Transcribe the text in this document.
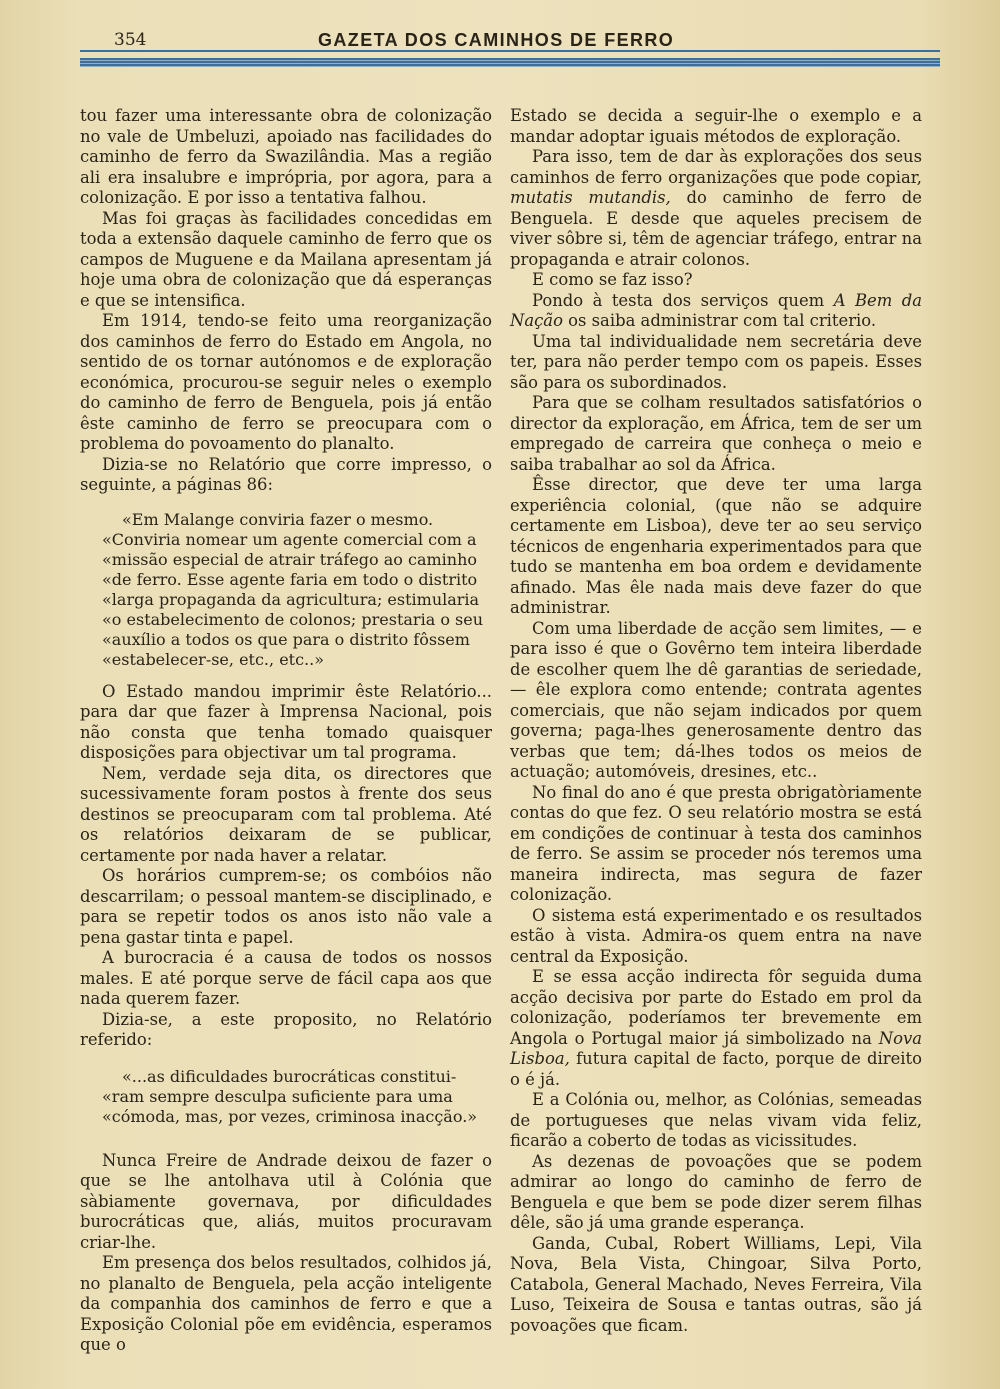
354	GAZETA DOS CAMINHOS DE FERRO

tou fazer uma interessante obra de colonização no vale de Umbeluzi, apoiado nas facilidades do caminho de ferro da Swazilândia. Mas a região ali era insalubre e imprópria, por agora, para a colonização. E por isso a tentativa falhou.

Mas foi graças às facilidades concedidas em toda a extensão daquele caminho de ferro que os campos de Muguene e da Mailana apresentam já hoje uma obra de colonização que dá esperanças e que se intensifica.

Em 1914, tendo-se feito uma reorganização dos caminhos de ferro do Estado em Angola, no sentido de os tornar autónomos e de exploração económica, procurou-se seguir neles o exemplo do caminho de ferro de Benguela, pois já então êste caminho de ferro se preocupara com o problema do povoamento do planalto.

Dizia-se no Relatório que corre impresso, o seguinte, a páginas 86:

«Em Malange conviria fazer o mesmo.
«Conviria nomear um agente comercial com a
«missão especial de atrair tráfego ao caminho
«de ferro. Esse agente faria em todo o distrito
«larga propaganda da agricultura; estimularia
«o estabelecimento de colonos; prestaria o seu
«auxílio a todos os que para o distrito fôssem
«estabelecer-se, etc., etc..»

O Estado mandou imprimir êste Relatório... para dar que fazer à Imprensa Nacional, pois não consta que tenha tomado quaisquer disposições para objectivar um tal programa.

Nem, verdade seja dita, os directores que sucessivamente foram postos à frente dos seus destinos se preocuparam com tal problema. Até os relatórios deixaram de se publicar, certamente por nada haver a relatar.

Os horários cumprem-se; os combóios não descarrilam; o pessoal mantem-se disciplinado, e para se repetir todos os anos isto não vale a pena gastar tinta e papel.

A burocracia é a causa de todos os nossos males. E até porque serve de fácil capa aos que nada querem fazer.

Dizia-se, a este proposito, no Relatório referido:

«...as dificuldades burocráticas constitui-
«ram sempre desculpa suficiente para uma
«cómoda, mas, por vezes, criminosa inacção.»

Nunca Freire de Andrade deixou de fazer o que se lhe antolhava util à Colónia que sàbiamente governava, por dificuldades burocráticas que, aliás, muitos procuravam criar-lhe.

Em presença dos belos resultados, colhidos já, no planalto de Benguela, pela acção inteligente da companhia dos caminhos de ferro e que a Exposição Colonial põe em evidência, esperamos que o

Estado se decida a seguir-lhe o exemplo e a mandar adoptar iguais métodos de exploração.

Para isso, tem de dar às explorações dos seus caminhos de ferro organizações que pode copiar, mutatis mutandis, do caminho de ferro de Benguela. E desde que aqueles precisem de viver sôbre si, têm de agenciar tráfego, entrar na propaganda e atrair colonos.

E como se faz isso?

Pondo à testa dos serviços quem A Bem da Nação os saiba administrar com tal criterio.

Uma tal individualidade nem secretária deve ter, para não perder tempo com os papeis. Esses são para os subordinados.

Para que se colham resultados satisfatórios o director da exploração, em África, tem de ser um empregado de carreira que conheça o meio e saiba trabalhar ao sol da África.

Êsse director, que deve ter uma larga experiência colonial, (que não se adquire certamente em Lisboa), deve ter ao seu serviço técnicos de engenharia experimentados para que tudo se mantenha em boa ordem e devidamente afinado. Mas êle nada mais deve fazer do que administrar.

Com uma liberdade de acção sem limites, — e para isso é que o Govêrno tem inteira liberdade de escolher quem lhe dê garantias de seriedade, — êle explora como entende; contrata agentes comerciais, que não sejam indicados por quem governa; paga-lhes generosamente dentro das verbas que tem; dá-lhes todos os meios de actuação; automóveis, dresines, etc..

No final do ano é que presta obrigatòriamente contas do que fez. O seu relatório mostra se está em condições de continuar à testa dos caminhos de ferro. Se assim se proceder nós teremos uma maneira indirecta, mas segura de fazer colonização.

O sistema está experimentado e os resultados estão à vista. Admira-os quem entra na nave central da Exposição.

E se essa acção indirecta fôr seguida duma acção decisiva por parte do Estado em prol da colonização, poderíamos ter brevemente em Angola o Portugal maior já simbolizado na Nova Lisboa, futura capital de facto, porque de direito o é já.

E a Colónia ou, melhor, as Colónias, semeadas de portugueses que nelas vivam vida feliz, ficarão a coberto de todas as vicissitudes.

As dezenas de povoações que se podem admirar ao longo do caminho de ferro de Benguela e que bem se pode dizer serem filhas dêle, são já uma grande esperança.

Ganda, Cubal, Robert Williams, Lepi, Vila Nova, Bela Vista, Chingoar, Silva Porto, Catabola, General Machado, Neves Ferreira, Vila Luso, Teixeira de Sousa e tantas outras, são já povoações que ficam.
